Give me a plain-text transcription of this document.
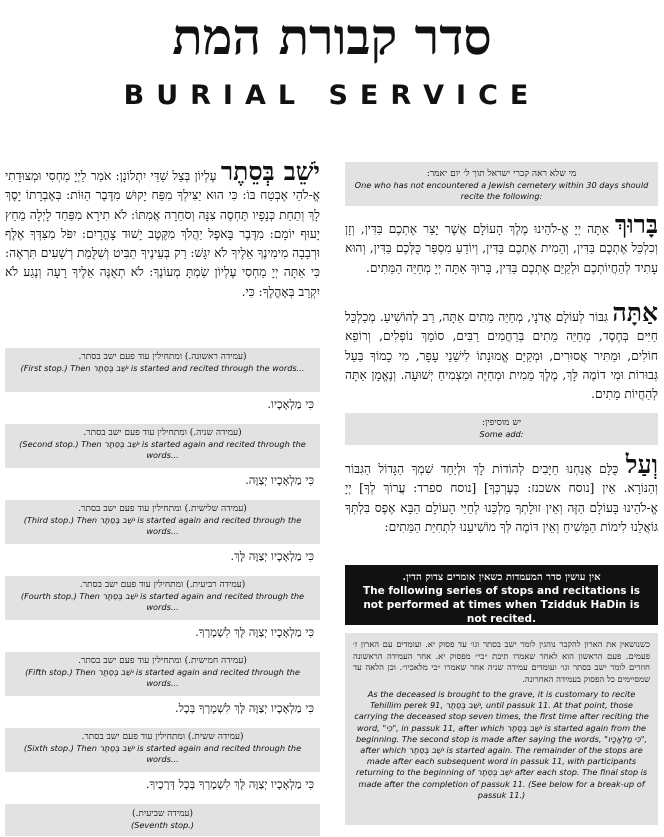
סדר קבורת המת
BURIAL SERVICE
יֹשֵׁב בְּסֵתֶר עֶלְיוֹן בְּצֵל שַׁדַּי יִתְלוֹנָן: אֹמַר לַיְיָ מַחְסִי וּמְצוּדָתִי אֱ-לֹהַי אֶבְטַח בּוֹ: כִּי הוּא יַצִּילְךָ מִפַּח יָקוּשׁ מִדֶּבֶר הַוּוֹת: בְּאֶבְרָתוֹ יָסֶךְ לָךְ וְתַחַת כְּנָפָיו תֶּחְסֶה צִנָּה וְסֹחֵרָה אֲמִתּוֹ: לֹא תִירָא מִפַּחַד לָיְלָה מֵחֵץ יָעוּף יוֹמָם: מִדֶּבֶר בָּאֹפֶל יַהֲלֹךְ מִקֶּטֶב יָשׁוּד צָהֳרָיִם: יִפֹּל מִצִּדְּךָ אֶלֶף וּרְבָבָה מִימִינֶךָ אֵלֶיךָ לֹא יִגָּשׁ: רַק בְּעֵינֶיךָ תַבִּיט וְשִׁלֻּמַת רְשָׁעִים תִּרְאֶה: כִּי אַתָּה יְיָ מַחְסִי עֶלְיוֹן שַׂמְתָּ מְעוֹנֶךָ: לֹא תְאֻנֶּה אֵלֶיךָ רָעָה וְנֶגַע לֹא יִקְרַב בְּאָהֳלֶךָ: כִּי.
(עמידה ראשונה.) ומתחילין עוד פעם ישב בסתר.
(First stop.) Then יֹשֵׁב בְּסֵתֶר is started and recited through the words...
כִּי מַלְאָכָיו.
(עמידה שניה.) ומתחילין עוד פעם ישב בסתר.
(Second stop.) Then יֹשֵׁב בְּסֵתֶר is started again and recited through the words...
כִּי מַלְאָכָיו יְצַוֶּה.
(עמידה שלישית.) ומתחילין עוד פעם ישב בסתר.
(Third stop.) Then יֹשֵׁב בְּסֵתֶר is started again and recited through the words...
כִּי מַלְאָכָיו יְצַוֶּה לָּךְ.
(עמידה רביעית.) ומתחילין עוד פעם ישב בסתר.
(Fourth stop.) Then יֹשֵׁב בְּסֵתֶר is started again and recited through the words...
כִּי מַלְאָכָיו יְצַוֶּה לָּךְ לִשְׁמָרְךָ.
(עמידה חמישית.) ומתחילין עוד פעם ישב בסתר.
(Fifth stop.) Then יֹשֵׁב בְּסֵתֶר is started again and recited through the words...
כִּי מַלְאָכָיו יְצַוֶּה לָּךְ לִשְׁמָרְךָ בְּכָל.
(עמידה ששית.) ומתחילין עוד פעם ישב בסתר.
(Sixth stop.) Then יֹשֵׁב בְּסֵתֶר is started again and recited through the words...
כִּי מַלְאָכָיו יְצַוֶּה לָּךְ לִשְׁמָרְךָ בְּכָל דְּרָכֶיךָ.
(עמידה שביעית.)
(Seventh stop.)
מי שלא ראה קברי ישראל תוך ל׳ יום יאמר:
One who has not encountered a Jewish cemetery within 30 days should recite the following:
בָּרוּךְ אַתָּה יְיָ אֱ-לֹהֵינוּ מֶלֶךְ הָעוֹלָם אֲשֶׁר יָצַר אֶתְכֶם בַּדִּין, וְזָן וְכִלְכֵּל אֶתְכֶם בַּדִּין, וְהֵמִית אֶתְכֶם בַּדִּין, וְיוֹדֵעַ מִסְפַּר כֻּלְּכֶם בַּדִּין, וְהוּא עָתִיד לְהַחֲיוֹתְכֶם וּלְקַיֵּם אֶתְכֶם בַּדִּין, בָּרוּךְ אַתָּה יְיָ מְחַיֵּה הַמֵּתִים.
אַתָּה גִּבּוֹר לְעוֹלָם אֲדֹנָי, מְחַיֵּה מֵתִים אַתָּה, רַב לְהוֹשִׁיעַ. מְכַלְכֵּל חַיִּים בְּחֶסֶד, מְחַיֵּה מֵתִים בְּרַחֲמִים רַבִּים, סוֹמֵךְ נוֹפְלִים, וְרוֹפֵא חוֹלִים, וּמַתִּיר אֲסוּרִים, וּמְקַיֵּם אֱמוּנָתוֹ לִישֵׁנֵי עָפָר, מִי כָמוֹךָ בַּעַל גְּבוּרוֹת וּמִי דוֹמֶה לָּךְ, מֶלֶךְ מֵמִית וּמְחַיֶּה וּמַצְמִיחַ יְשׁוּעָה. וְנֶאֱמָן אַתָּה לְהַחֲיוֹת מֵתִים.
יש מוסיפין:
Some add:
וְעַל כֻּלָּם אֲנַחְנוּ חַיָּבִים לְהוֹדוֹת לָךְ וּלְיַחֵד שִׁמְךָ הַגָּדוֹל הַגִּבּוֹר וְהַנּוֹרָא. אֵין [נוסח אשכנז: כְּעֶרְכְּךָ] [נוסח ספרד: עֲרוֹךְ לְךָ] יְיָ אֱ-לֹהֵינוּ בָּעוֹלָם הַזֶּה וְאֵין זוּלָתְךָ מַלְכֵּנוּ לְחַיֵּי הָעוֹלָם הַבָּא אֶפֶס בִּלְתְּךָ גּוֹאֲלֵנוּ לִימוֹת הַמָּשִׁיחַ וְאֵין דּוֹמֶה לְּךָ מוֹשִׁיעֵנוּ לִתְחִיַּת הַמֵּתִים:
אין עושין סדר המעמדות כשאין אומרים צדוק הדין.
The following series of stops and recitations is not performed at times when Tzidduk HaDin is not recited.
כשנושאין את הארון להקבר נוהגין לומר ישב בסתר וגו׳ עד פסוק יא. ועומדים עם הארון ז׳ פעמים. פעם הראשון הוא לאחר שאמרו תיבת ״כי״ מפסוק יא. אחר העמידה הראשונה חוזרים לומר ישב בסתר וגו׳ ועומדים עמידה שניה אחר שאמרו ״כי מלאכיו״. וכן הלאה עד שמסיימים כל הפסוק בעמידה האחרונה.
As the deceased is brought to the grave, it is customary to recite Tehillim perek 91, יֹשֵׁב בְּסֵתֶר, until passuk 11. At that point, those carrying the deceased stop seven times, the first time after reciting the word, "כִּי", in passuk 11, after which יֹשֵׁב בְּסֵתֶר is started again from the beginning. The second stop is made after saying the words, "כִּי מַלְאָכָיו", after which יֹשֵׁב בְּסֵתֶר is started again. The remainder of the stops are made after each subsequent word in passuk 11, with participants returning to the beginning of יֹשֵׁב בְּסֵתֶר after each stop. The final stop is made after the completion of passuk 11. (See below for a break-up of passuk 11.)
